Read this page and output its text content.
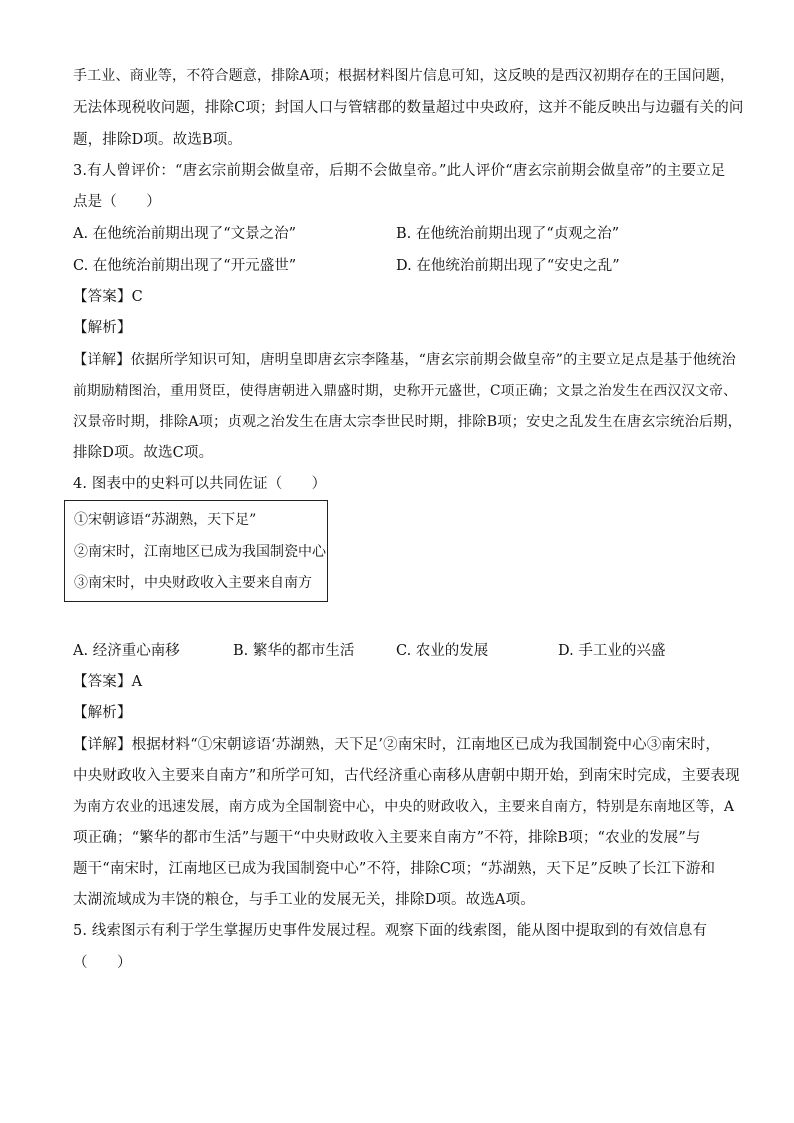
手工业、商业等，不符合题意，排除A项；根据材料图片信息可知，这反映的是西汉初期存在的王国问题，
无法体现税收问题，排除C项；封国人口与管辖郡的数量超过中央政府，这并不能反映出与边疆有关的问
题，排除D项。故选B项。
3.有人曾评价：“唐玄宗前期会做皇帝，后期不会做皇帝。”此人评价“唐玄宗前期会做皇帝”的主要立足
点是（　　）
A. 在他统治前期出现了“文景之治”	B. 在他统治前期出现了“贞观之治”
C. 在他统治前期出现了“开元盛世”	D. 在他统治前期出现了“安史之乱”
【答案】C
【解析】
【详解】依据所学知识可知，唐明皇即唐玄宗李隆基，“唐玄宗前期会做皇帝”的主要立足点是基于他统治
前期励精图治，重用贤臣，使得唐朝进入鼎盛时期，史称开元盛世，C项正确；文景之治发生在西汉汉文帝、
汉景帝时期，排除A项；贞观之治发生在唐太宗李世民时期，排除B项；安史之乱发生在唐玄宗统治后期，
排除D项。故选C项。
4. 图表中的史料可以共同佐证（　　）
①宋朝谚语“苏湖熟，天下足”
②南宋时，江南地区已成为我国制瓷中心
③南宋时，中央财政收入主要来自南方
A. 经济重心南移	B. 繁华的都市生活	C. 农业的发展	D. 手工业的兴盛
【答案】A
【解析】
【详解】根据材料“①宋朝谚语‘苏湖熟，天下足’②南宋时，江南地区已成为我国制瓷中心③南宋时，
中央财政收入主要来自南方”和所学可知，古代经济重心南移从唐朝中期开始，到南宋时完成，主要表现
为南方农业的迅速发展，南方成为全国制瓷中心，中央的财政收入，主要来自南方，特别是东南地区等，A
项正确；“繁华的都市生活”与题干“中央财政收入主要来自南方”不符，排除B项；“农业的发展”与
题干“南宋时，江南地区已成为我国制瓷中心”不符，排除C项；“苏湖熟，天下足”反映了长江下游和
太湖流域成为丰饶的粮仓，与手工业的发展无关，排除D项。故选A项。
5. 线索图示有利于学生掌握历史事件发展过程。观察下面的线索图，能从图中提取到的有效信息有
（　　）
